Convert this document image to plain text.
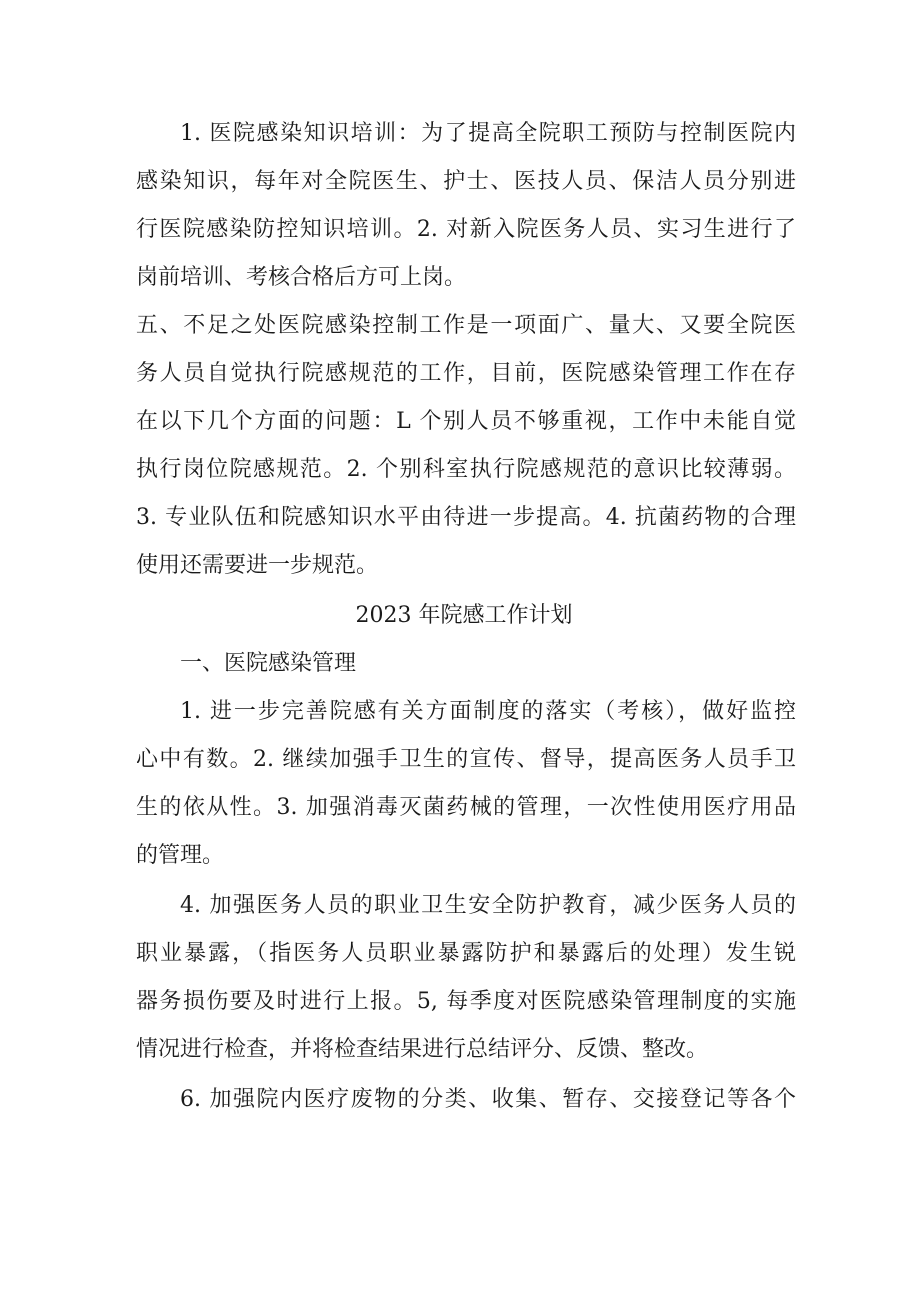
1. 医院感染知识培训：为了提高全院职工预防与控制医院内
感染知识，每年对全院医生、护士、医技人员、保洁人员分别进
行医院感染防控知识培训。2. 对新入院医务人员、实习生进行了
岗前培训、考核合格后方可上岗。
五、不足之处医院感染控制工作是一项面广、量大、又要全院医
务人员自觉执行院感规范的工作，目前，医院感染管理工作在存
在以下几个方面的问题：L 个别人员不够重视，工作中未能自觉
执行岗位院感规范。2. 个别科室执行院感规范的意识比较薄弱。
3. 专业队伍和院感知识水平由待进一步提高。4. 抗菌药物的合理
使用还需要进一步规范。
2023 年院感工作计划
一、医院感染管理
1. 进一步完善院感有关方面制度的落实（考核），做好监控
心中有数。2. 继续加强手卫生的宣传、督导，提高医务人员手卫
生的依从性。3. 加强消毒灭菌药械的管理，一次性使用医疗用品
的管理。
4. 加强医务人员的职业卫生安全防护教育，减少医务人员的
职业暴露，（指医务人员职业暴露防护和暴露后的处理）发生锐
器务损伤要及时进行上报。5, 每季度对医院感染管理制度的实施
情况进行检查，并将检查结果进行总结评分、反馈、整改。
6. 加强院内医疗废物的分类、收集、暂存、交接登记等各个
